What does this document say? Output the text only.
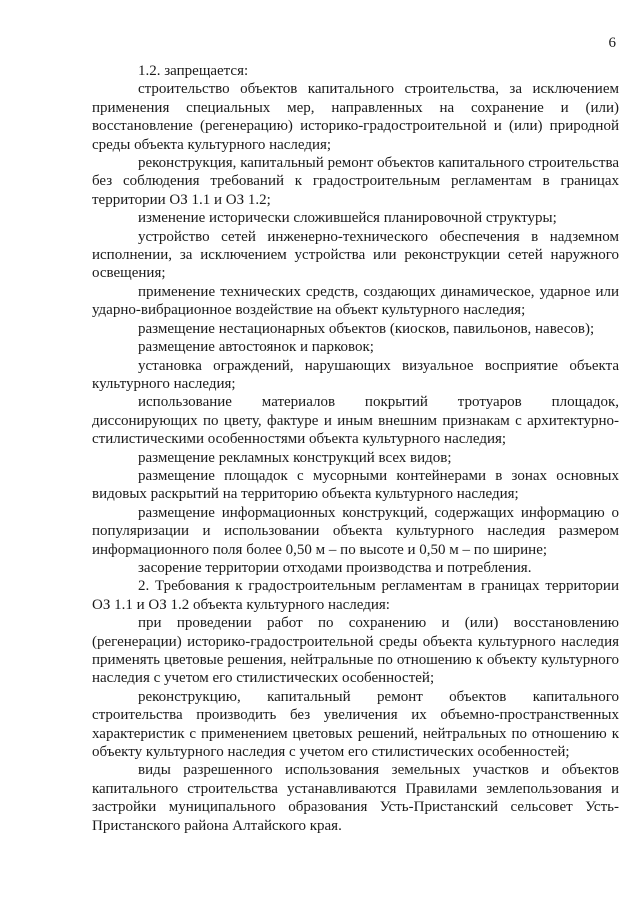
6

1.2. запрещается:

строительство объектов капитального строительства, за исключением применения специальных мер, направленных на сохранение и (или) восстановление (регенерацию) историко-градостроительной и (или) природной среды объекта культурного наследия;

реконструкция, капитальный ремонт объектов капитального строительства без соблюдения требований к градостроительным регламентам в границах территории ОЗ 1.1 и ОЗ 1.2;

изменение исторически сложившейся планировочной структуры;

устройство сетей инженерно-технического обеспечения в надземном исполнении, за исключением устройства или реконструкции сетей наружного освещения;

применение технических средств, создающих динамическое, ударное или ударно-вибрационное воздействие на объект культурного наследия;

размещение нестационарных объектов (киосков, павильонов, навесов);

размещение автостоянок и парковок;

установка ограждений, нарушающих визуальное восприятие объекта культурного наследия;

использование материалов покрытий тротуаров площадок, диссонирующих по цвету, фактуре и иным внешним признакам с архитектурно-стилистическими особенностями объекта культурного наследия;

размещение рекламных конструкций всех видов;

размещение площадок с мусорными контейнерами в зонах основных видовых раскрытий на территорию объекта культурного наследия;

размещение информационных конструкций, содержащих информацию о популяризации и использовании объекта культурного наследия размером информационного поля более 0,50 м – по высоте и 0,50 м – по ширине;

засорение территории отходами производства и потребления.

2. Требования к градостроительным регламентам в границах территории ОЗ 1.1 и ОЗ 1.2 объекта культурного наследия:

при проведении работ по сохранению и (или) восстановлению (регенерации) историко-градостроительной среды объекта культурного наследия применять цветовые решения, нейтральные по отношению к объекту культурного наследия с учетом его стилистических особенностей;

реконструкцию, капитальный ремонт объектов капитального строительства производить без увеличения их объемно-пространственных характеристик с применением цветовых решений, нейтральных по отношению к объекту культурного наследия с учетом его стилистических особенностей;

виды разрешенного использования земельных участков и объектов капитального строительства устанавливаются Правилами землепользования и застройки муниципального образования Усть-Пристанский сельсовет Усть-Пристанского района Алтайского края.
